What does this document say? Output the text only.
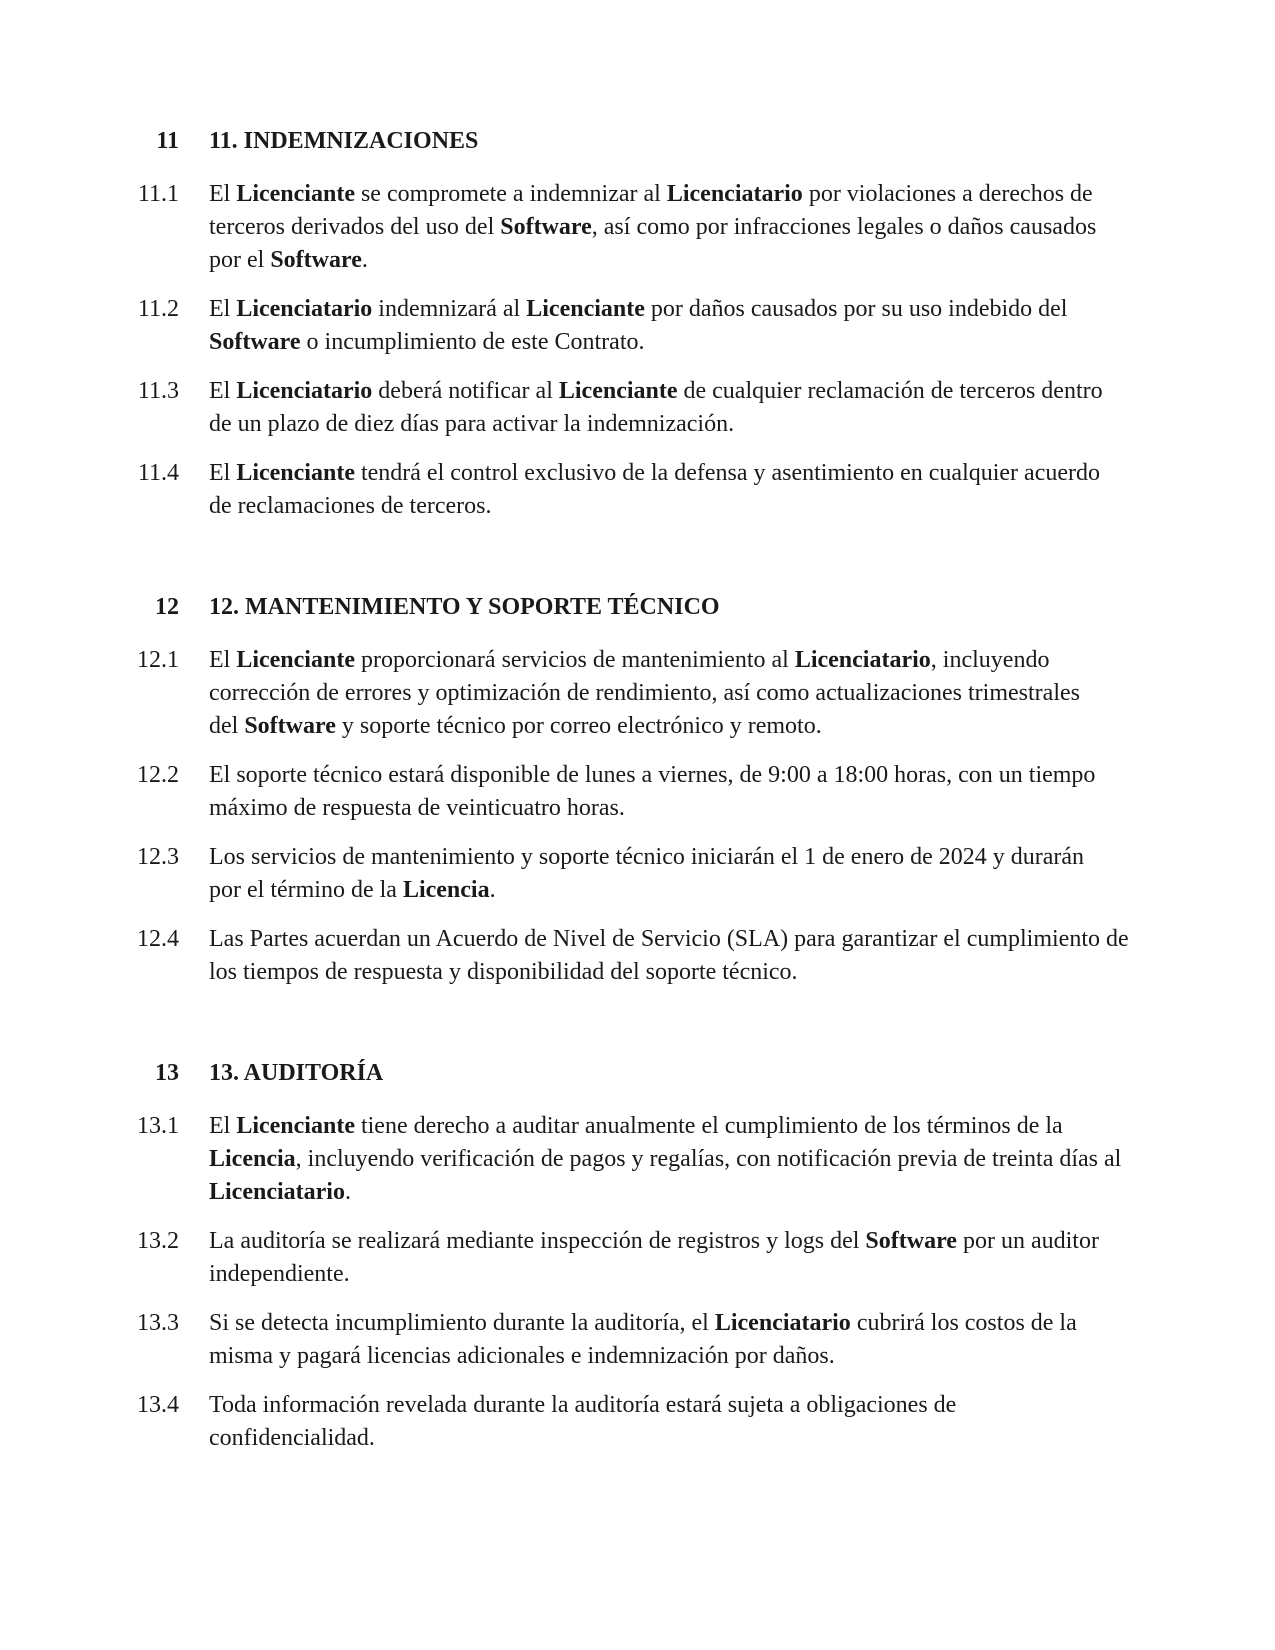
11 11. INDEMNIZACIONES
11.1 El Licenciante se compromete a indemnizar al Licenciatario por violaciones a derechos de
terceros derivados del uso del Software, así como por infracciones legales o daños causados
por el Software.
11.2 El Licenciatario indemnizará al Licenciante por daños causados por su uso indebido del
Software o incumplimiento de este Contrato.
11.3 El Licenciatario deberá notificar al Licenciante de cualquier reclamación de terceros dentro
de un plazo de diez días para activar la indemnización.
11.4 El Licenciante tendrá el control exclusivo de la defensa y asentimiento en cualquier acuerdo
de reclamaciones de terceros.
12 12. MANTENIMIENTO Y SOPORTE TÉCNICO
12.1 El Licenciante proporcionará servicios de mantenimiento al Licenciatario, incluyendo
corrección de errores y optimización de rendimiento, así como actualizaciones trimestrales
del Software y soporte técnico por correo electrónico y remoto.
12.2 El soporte técnico estará disponible de lunes a viernes, de 9:00 a 18:00 horas, con un tiempo
máximo de respuesta de veinticuatro horas.
12.3 Los servicios de mantenimiento y soporte técnico iniciarán el 1 de enero de 2024 y durarán
por el término de la Licencia.
12.4 Las Partes acuerdan un Acuerdo de Nivel de Servicio (SLA) para garantizar el cumplimiento de
los tiempos de respuesta y disponibilidad del soporte técnico.
13 13. AUDITORÍA
13.1 El Licenciante tiene derecho a auditar anualmente el cumplimiento de los términos de la
Licencia, incluyendo verificación de pagos y regalías, con notificación previa de treinta días al
Licenciatario.
13.2 La auditoría se realizará mediante inspección de registros y logs del Software por un auditor
independiente.
13.3 Si se detecta incumplimiento durante la auditoría, el Licenciatario cubrirá los costos de la
misma y pagará licencias adicionales e indemnización por daños.
13.4 Toda información revelada durante la auditoría estará sujeta a obligaciones de
confidencialidad.
